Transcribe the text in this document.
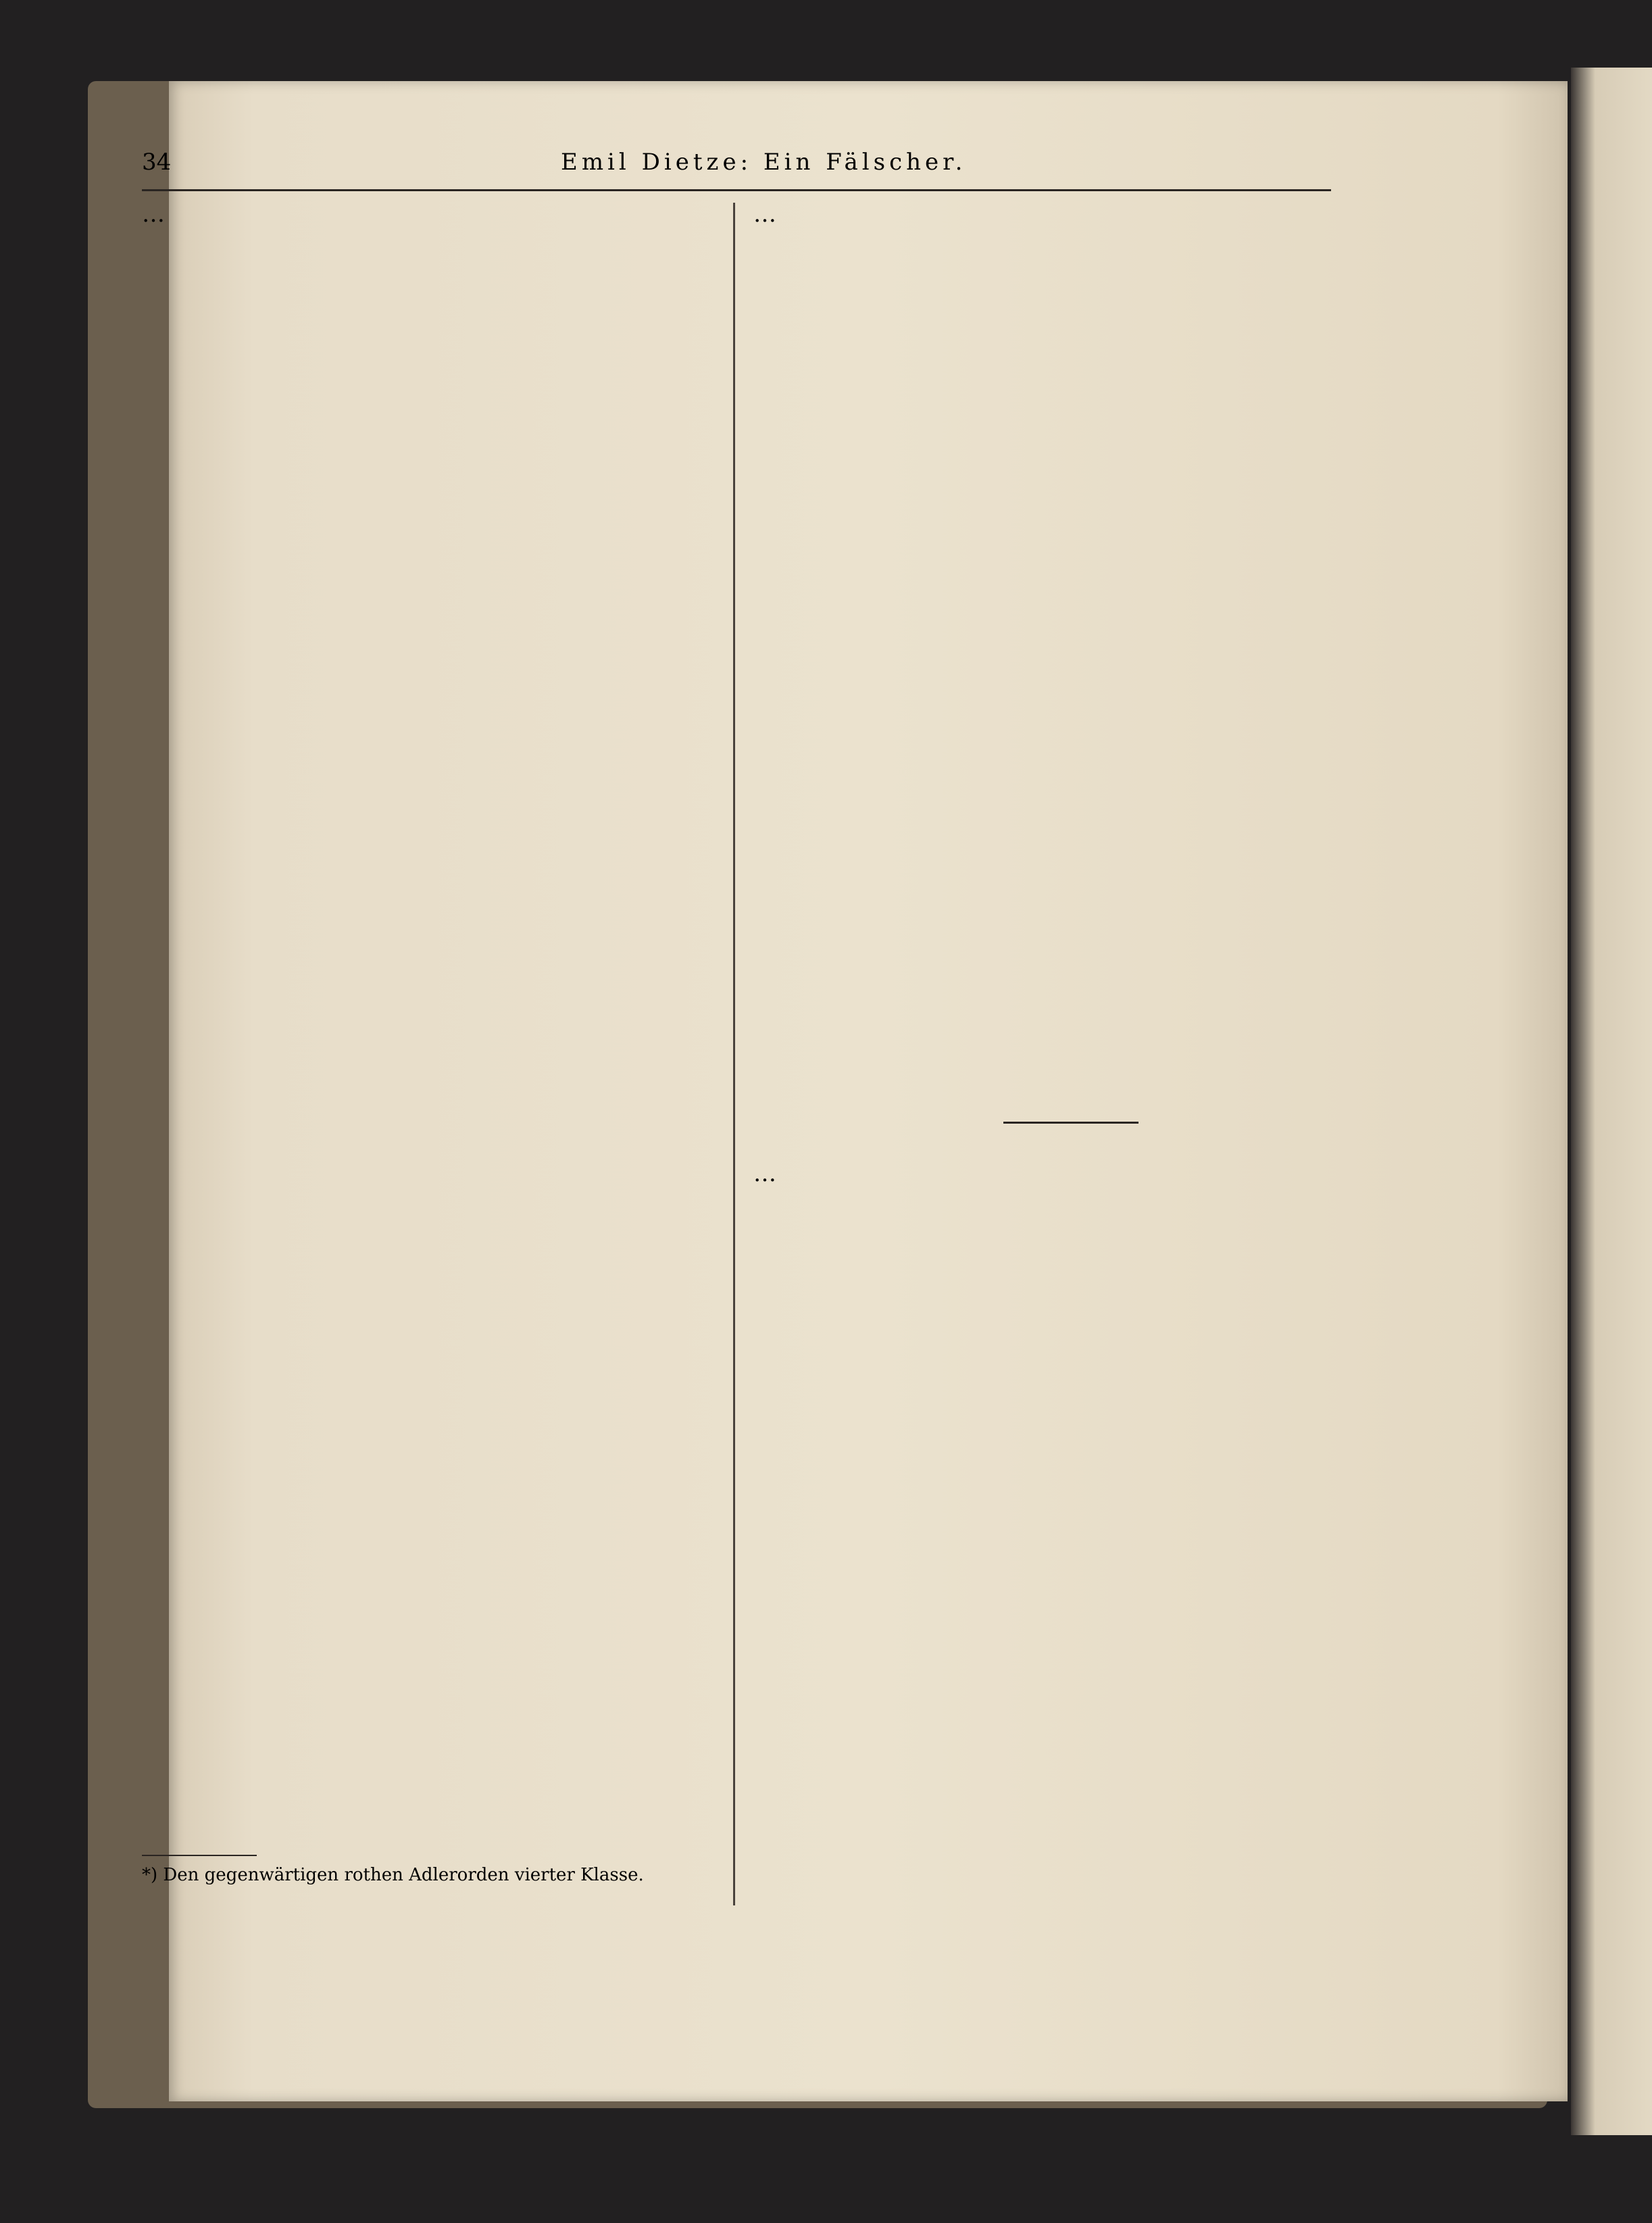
34	Emil Dietze: Ein Fälscher.

…	…

…

*) Den gegenwärtigen rothen Adlerorden vierter Klasse.
